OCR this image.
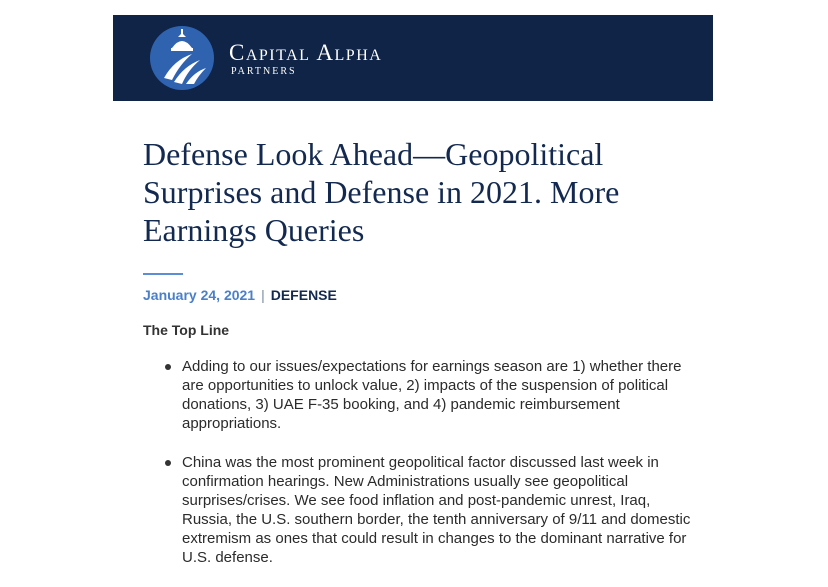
Capital Alpha
PARTNERS
Defense Look Ahead—Geopolitical Surprises and Defense in 2021. More Earnings Queries
January 24, 2021 | DEFENSE
The Top Line
Adding to our issues/expectations for earnings season are 1) whether there are opportunities to unlock value, 2) impacts of the suspension of political donations, 3) UAE F-35 booking, and 4) pandemic reimbursement appropriations.
China was the most prominent geopolitical factor discussed last week in confirmation hearings. New Administrations usually see geopolitical surprises/crises. We see food inflation and post-pandemic unrest, Iraq, Russia, the U.S. southern border, the tenth anniversary of 9/11 and domestic extremism as ones that could result in changes to the dominant narrative for U.S. defense.
